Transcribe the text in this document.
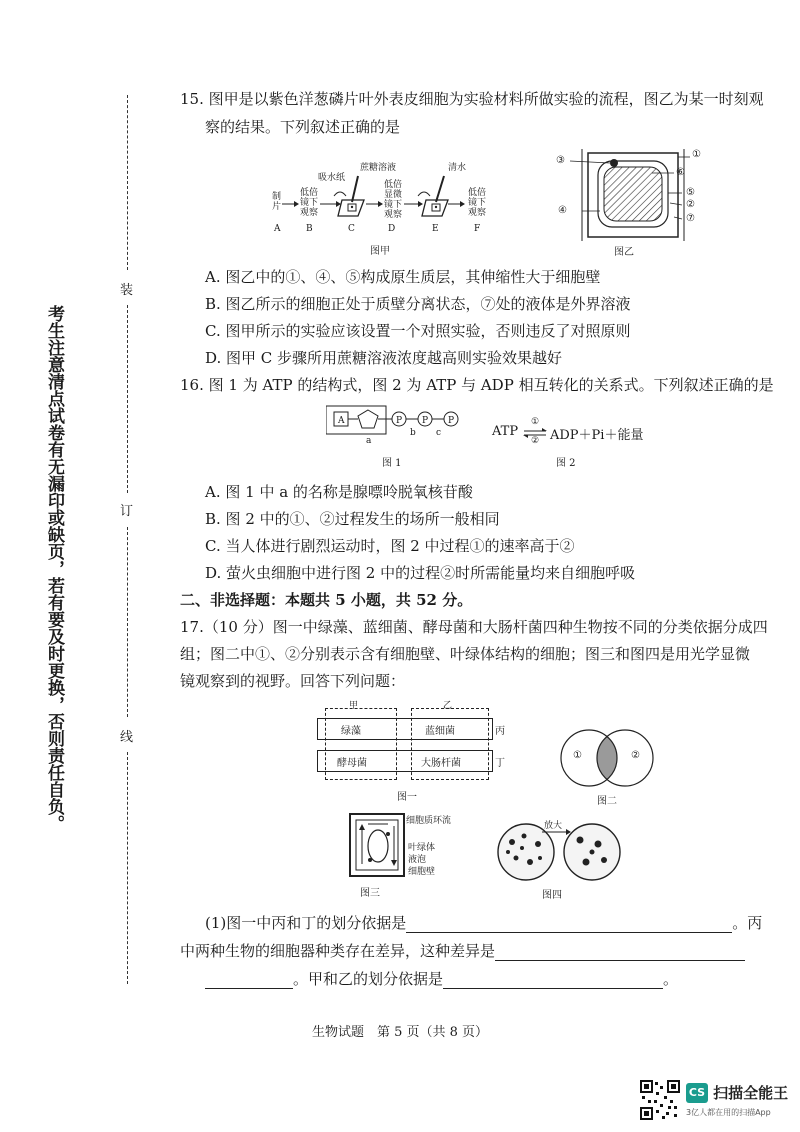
考生注意清点试卷有无漏印或缺页，若有要及时更换，否则责任自负。
装
订
线
15. 图甲是以紫色洋葱磷片叶外表皮细胞为实验材料所做实验的流程，图乙为某一时刻观
察的结果。下列叙述正确的是
吸水纸
蔗糖溶液	清水
制片
低倍镜下观察
低倍显微镜下观察
低倍镜下观察
A	B	C	D	E	F
图甲
①
②
③
④
⑤
⑥
⑦
图乙
A. 图乙中的①、④、⑤构成原生质层，其伸缩性大于细胞壁
B. 图乙所示的细胞正处于质壁分离状态，⑦处的液体是外界溶液
C. 图甲所示的实验应该设置一个对照实验，否则违反了对照原则
D. 图甲 C 步骤所用蔗糖溶液浓度越高则实验效果越好
16. 图 1 为 ATP 的结构式，图 2 为 ATP 与 ADP 相互转化的关系式。下列叙述正确的是
A	P P P
a
b c
图 1
ATP
①
② ADP＋Pi＋能量
图 2
A. 图 1 中 a 的名称是腺嘌呤脱氧核苷酸
B. 图 2 中的①、②过程发生的场所一般相同
C. 当人体进行剧烈运动时，图 2 中过程①的速率高于②
D. 萤火虫细胞中进行图 2 中的过程②时所需能量均来自细胞呼吸
二、非选择题：本题共 5 小题，共 52 分。
17.（10 分）图一中绿藻、蓝细菌、酵母菌和大肠杆菌四种生物按不同的分类依据分成四
组；图二中①、②分别表示含有细胞壁、叶绿体结构的细胞；图三和图四是用光学显微
镜观察到的视野。回答下列问题：
甲	乙
绿藻	蓝细菌
酵母菌	大肠杆菌
丙
丁
图一
①	②
图二
细胞质环流
叶绿体
液泡
细胞壁
图三
放大
图四
(1)图一中丙和丁的划分依据是	。丙
中两种生物的细胞器种类存在差异，这种差异是
。甲和乙的划分依据是	。
生物试题　第 5 页（共 8 页）
CS 扫描全能王
3亿人都在用的扫描App
